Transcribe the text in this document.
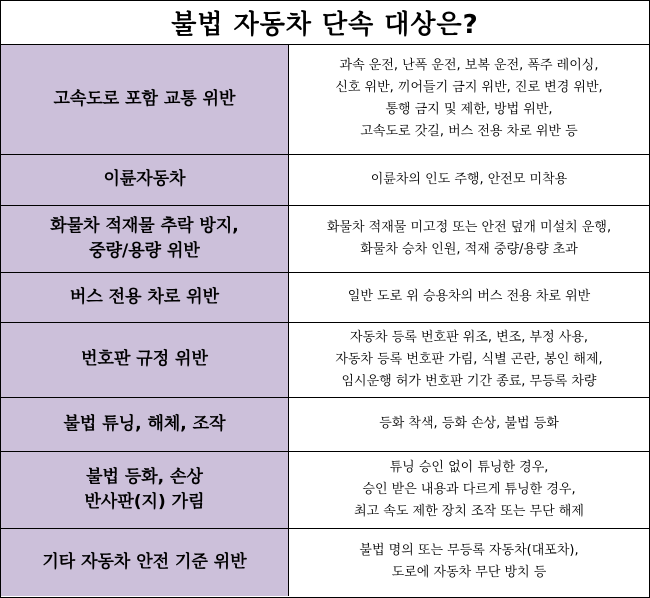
불법 자동차 단속 대상은?
고속도로 포함 교통 위반	과속 운전, 난폭 운전, 보복 운전, 폭주 레이싱,
신호 위반, 끼어들기 금지 위반, 진로 변경 위반,
통행 금지 및 제한, 방법 위반,
고속도로 갓길, 버스 전용 차로 위반 등

이륜자동차	이륜차의 인도 주행, 안전모 미착용

화물차 적재물 추락 방지,
중량/용량 위반	화물차 적재물 미고정 또는 안전 덮개 미설치 운행,
화물차 승차 인원, 적재 중량/용량 초과

버스 전용 차로 위반	일반 도로 위 승용차의 버스 전용 차로 위반

번호판 규정 위반	자동차 등록 번호판 위조, 변조, 부정 사용,
자동차 등록 번호판 가림, 식별 곤란, 봉인 해제,
임시운행 허가 번호판 기간 종료, 무등록 차량

불법 튜닝, 해체, 조작	등화 착색, 등화 손상, 불법 등화

불법 등화, 손상
반사판(지) 가림	튜닝 승인 없이 튜닝한 경우,
승인 받은 내용과 다르게 튜닝한 경우,
최고 속도 제한 장치 조작 또는 무단 해제

기타 자동차 안전 기준 위반	불법 명의 또는 무등록 자동차(대포차),
도로에 자동차 무단 방치 등
